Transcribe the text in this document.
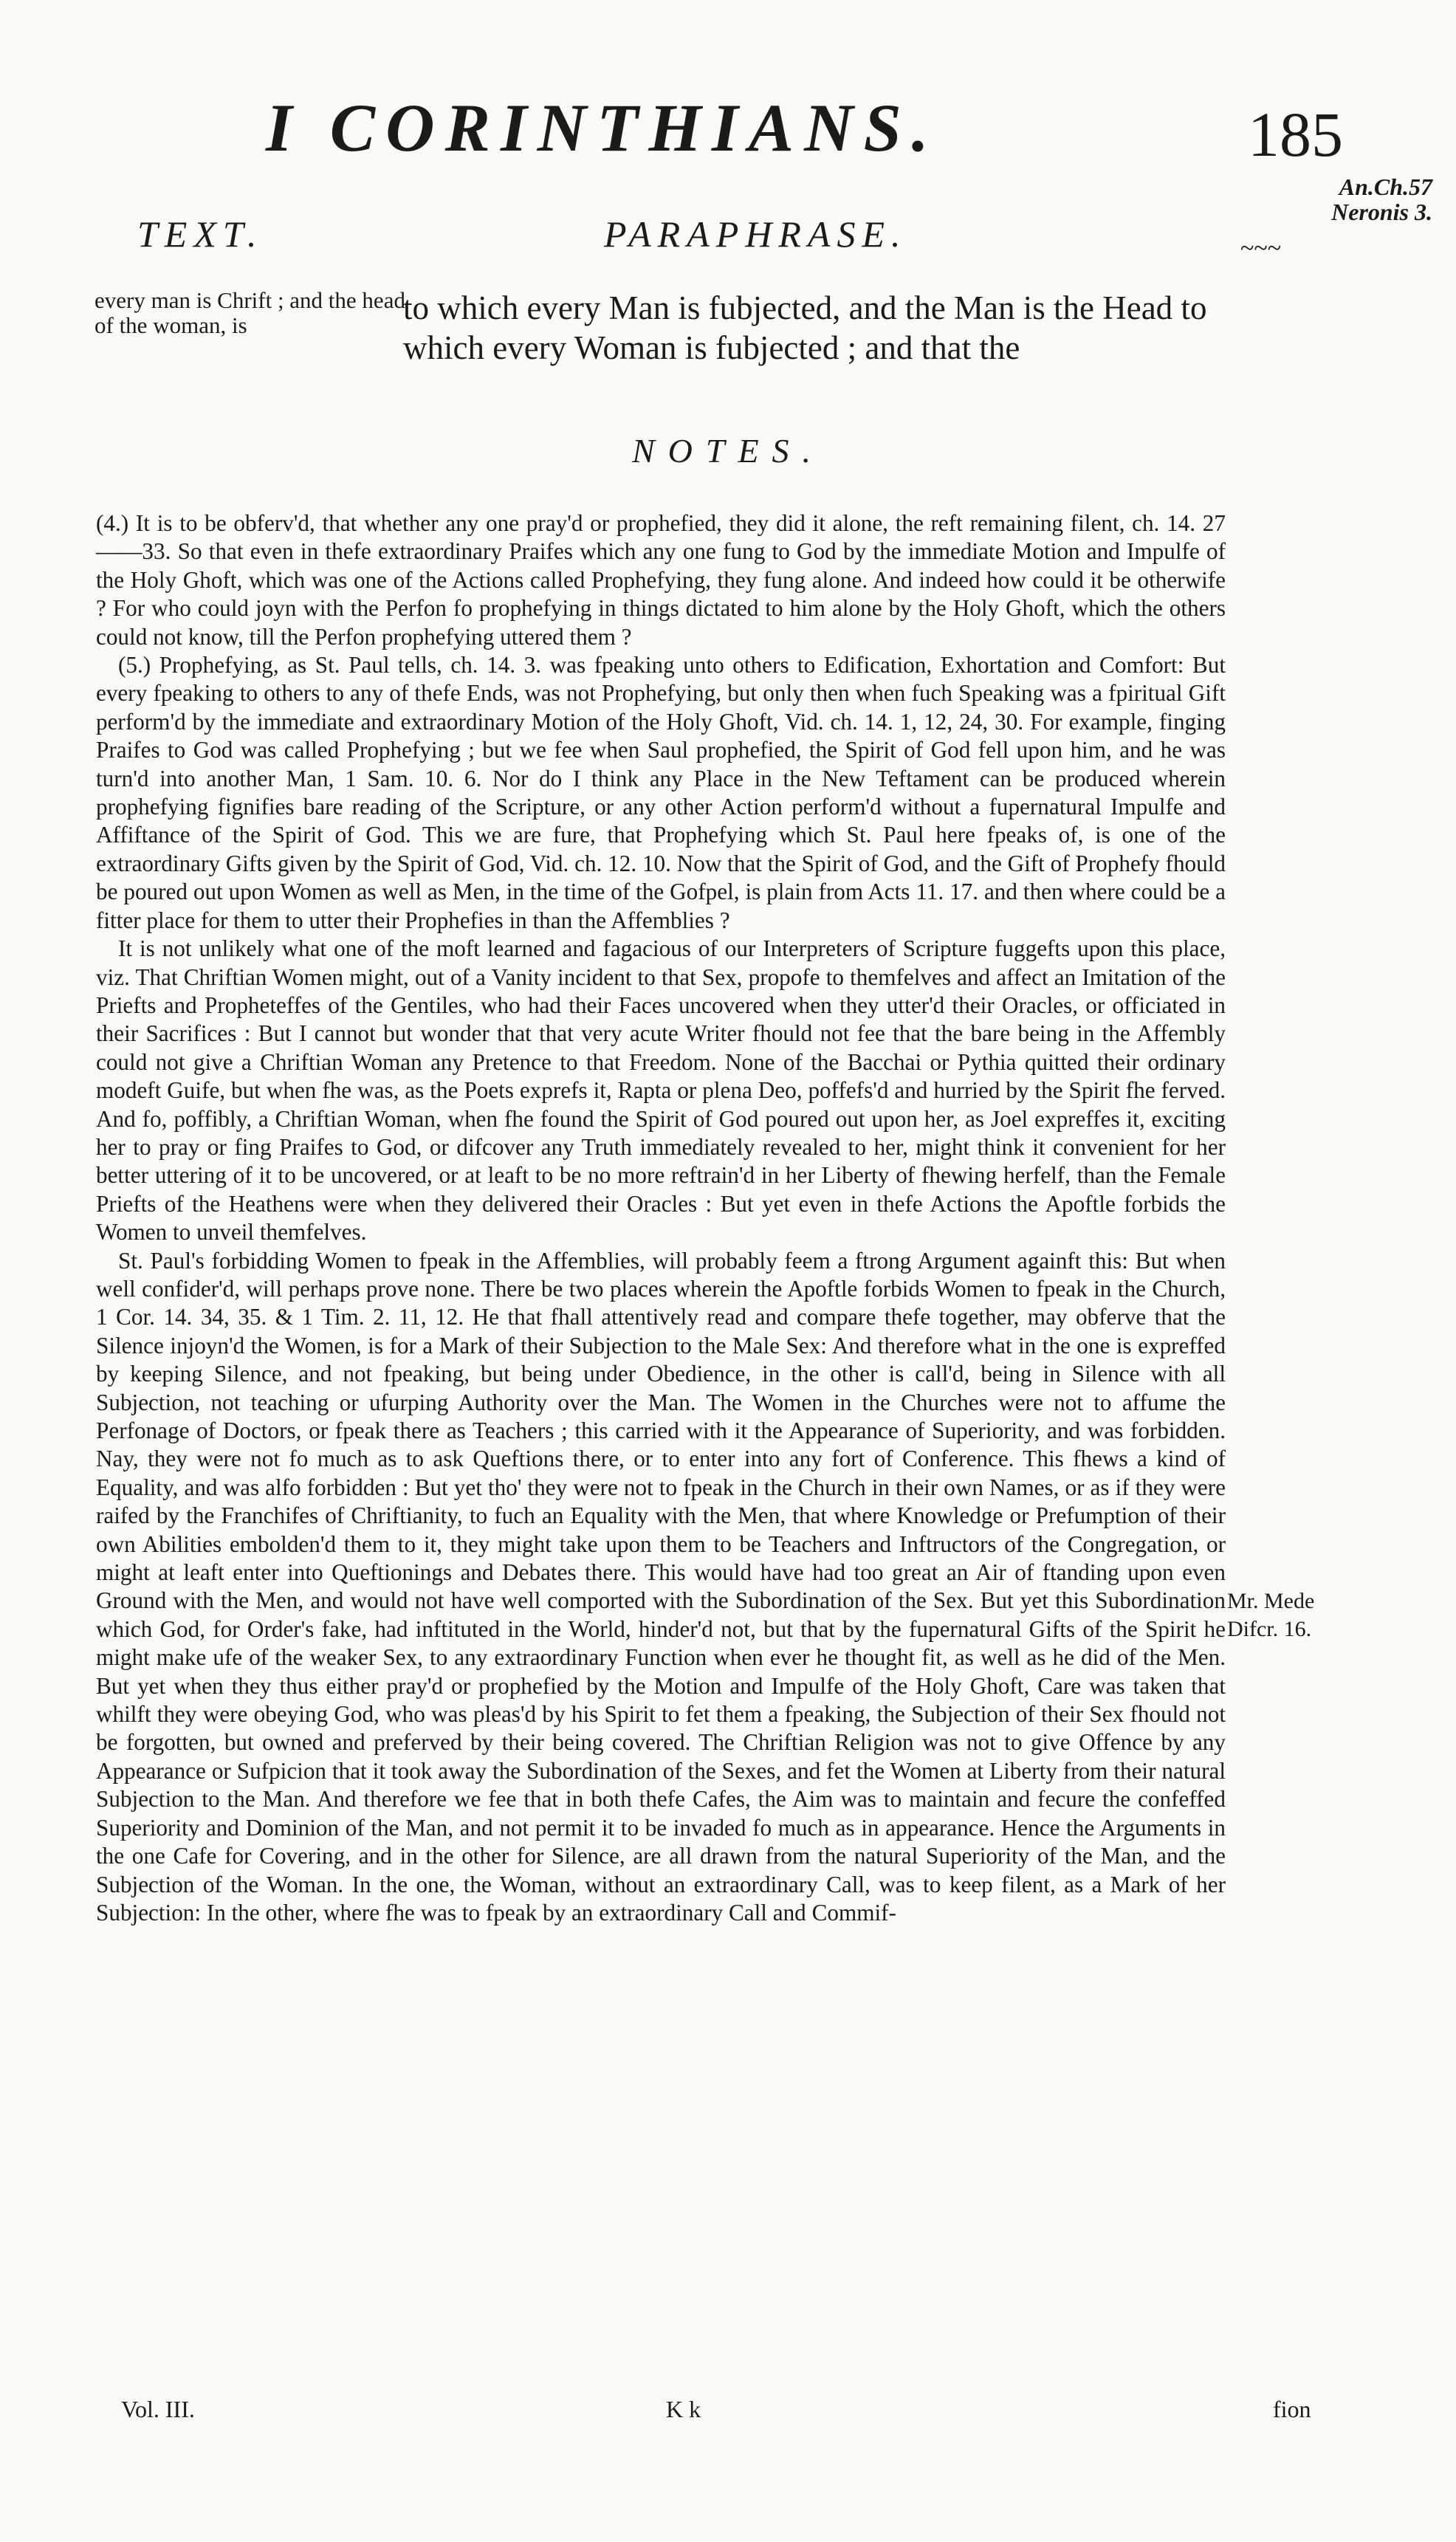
I CORINTHIANS.	185
An.Ch.57
Neronis 3.
~~~
TEXT.	PARAPHRASE.
every man is Chrift ; and the head of the woman, is	to which every Man is fubjected, and the Man is the Head to which every Woman is fubjected ; and that the
NOTES.

(4.) It is to be obferv'd, that whether any one pray'd or prophefied, they did it alone, the reft remaining filent, ch. 14. 27——33. So that even in thefe extraordinary Praifes which any one fung to God by the immediate Motion and Impulfe of the Holy Ghoft, which was one of the Actions called Prophefying, they fung alone. And indeed how could it be otherwife ? For who could joyn with the Perfon fo prophefying in things dictated to him alone by the Holy Ghoft, which the others could not know, till the Perfon prophefying uttered them ?

(5.) Prophefying, as St. Paul tells, ch. 14. 3. was fpeaking unto others to Edification, Exhortation and Comfort: But every fpeaking to others to any of thefe Ends, was not Prophefying, but only then when fuch Speaking was a fpiritual Gift perform'd by the immediate and extraordinary Motion of the Holy Ghoft, Vid. ch. 14. 1, 12, 24, 30. For example, finging Praifes to God was called Prophefying ; but we fee when Saul prophefied, the Spirit of God fell upon him, and he was turn'd into another Man, 1 Sam. 10. 6. Nor do I think any Place in the New Teftament can be produced wherein prophefying fignifies bare reading of the Scripture, or any other Action perform'd without a fupernatural Impulfe and Affiftance of the Spirit of God. This we are fure, that Prophefying which St. Paul here fpeaks of, is one of the extraordinary Gifts given by the Spirit of God, Vid. ch. 12. 10. Now that the Spirit of God, and the Gift of Prophefy fhould be poured out upon Women as well as Men, in the time of the Gofpel, is plain from Acts 11. 17. and then where could be a fitter place for them to utter their Prophefies in than the Affemblies ?

It is not unlikely what one of the moft learned and fagacious of our Interpreters of Scripture fuggefts upon this place, viz. That Chriftian Women might, out of a Vanity incident to that Sex, propofe to themfelves and affect an Imitation of the Priefts and Propheteffes of the Gentiles, who had their Faces uncovered when they utter'd their Oracles, or officiated in their Sacrifices : But I cannot but wonder that that very acute Writer fhould not fee that the bare being in the Affembly could not give a Chriftian Woman any Pretence to that Freedom. None of the Bacchai or Pythia quitted their ordinary modeft Guife, but when fhe was, as the Poets exprefs it, Rapta or plena Deo, poffefs'd and hurried by the Spirit fhe ferved. And fo, poffibly, a Chriftian Woman, when fhe found the Spirit of God poured out upon her, as Joel expreffes it, exciting her to pray or fing Praifes to God, or difcover any Truth immediately revealed to her, might think it convenient for her better uttering of it to be uncovered, or at leaft to be no more reftrain'd in her Liberty of fhewing herfelf, than the Female Priefts of the Heathens were when they delivered their Oracles : But yet even in thefe Actions the Apoftle forbids the Women to unveil themfelves.

St. Paul's forbidding Women to fpeak in the Affemblies, will probably feem a ftrong Argument againft this: But when well confider'd, will perhaps prove none. There be two places wherein the Apoftle forbids Women to fpeak in the Church, 1 Cor. 14. 34, 35. & 1 Tim. 2. 11, 12. He that fhall attentively read and compare thefe together, may obferve that the Silence injoyn'd the Women, is for a Mark of their Subjection to the Male Sex: And therefore what in the one is expreffed by keeping Silence, and not fpeaking, but being under Obedience, in the other is call'd, being in Silence with all Subjection, not teaching or ufurping Authority over the Man. The Women in the Churches were not to affume the Perfonage of Doctors, or fpeak there as Teachers ; this carried with it the Appearance of Superiority, and was forbidden. Nay, they were not fo much as to ask Queftions there, or to enter into any fort of Conference. This fhews a kind of Equality, and was alfo forbidden : But yet tho' they were not to fpeak in the Church in their own Names, or as if they were raifed by the Franchifes of Chriftianity, to fuch an Equality with the Men, that where Knowledge or Prefumption of their own Abilities embolden'd them to it, they might take upon them to be Teachers and Inftructors of the Congregation, or might at leaft enter into Queftionings and Debates there. This would have had too great an Air of ftanding upon even Ground with the Men, and would not have well comported with the Subordination of the Sex. But yet this Subordination which God, for Order's fake, had inftituted in the World, hinder'd not, but that by the fupernatural Gifts of the Spirit he might make ufe of the weaker Sex, to any extraordinary Function when ever he thought fit, as well as he did of the Men. But yet when they thus either pray'd or prophefied by the Motion and Impulfe of the Holy Ghoft, Care was taken that whilft they were obeying God, who was pleas'd by his Spirit to fet them a fpeaking, the Subjection of their Sex fhould not be forgotten, but owned and preferved by their being covered. The Chriftian Religion was not to give Offence by any Appearance or Sufpicion that it took away the Subordination of the Sexes, and fet the Women at Liberty from their natural Subjection to the Man. And therefore we fee that in both thefe Cafes, the Aim was to maintain and fecure the confeffed Superiority and Dominion of the Man, and not permit it to be invaded fo much as in appearance. Hence the Arguments in the one Cafe for Covering, and in the other for Silence, are all drawn from the natural Superiority of the Man, and the Subjection of the Woman. In the one, the Woman, without an extraordinary Call, was to keep filent, as a Mark of her Subjection: In the other, where fhe was to fpeak by an extraordinary Call and Commif-

Mr. Mede
Difcr. 16.
Vol. III.	K k	fion
